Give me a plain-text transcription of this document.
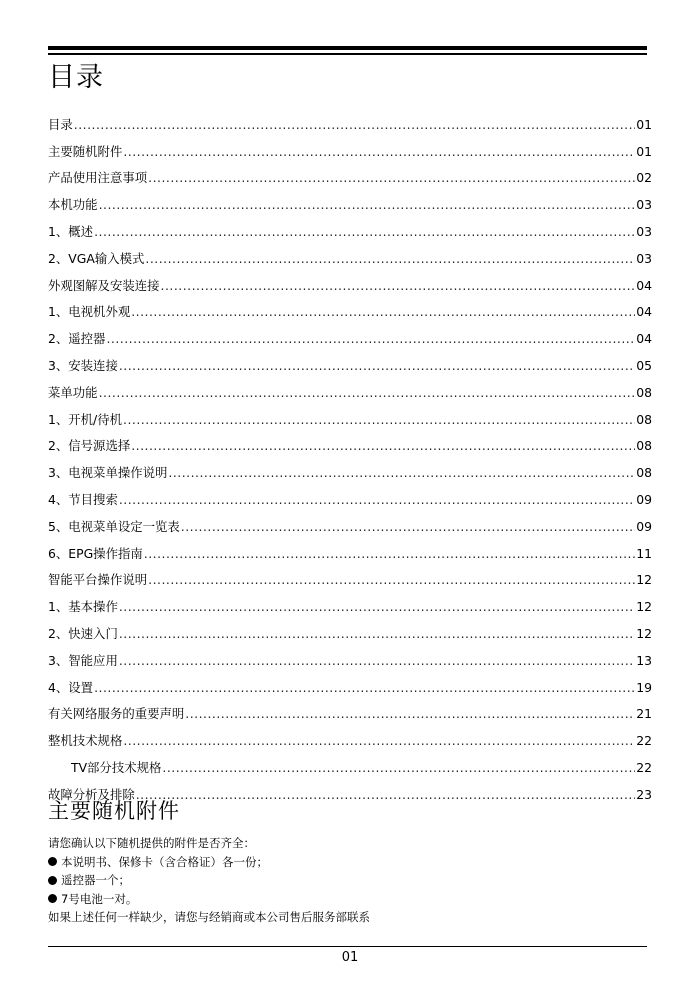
目录
目录 .....	01
主要随机附件 .....	01
产品使用注意事项 .....	02
本机功能 .....	03
1、概述 .....	03
2、VGA输入模式 .....	03
外观图解及安装连接 .....	04
1、电视机外观 .....	04
2、遥控器 .....	04
3、安装连接 .....	05
菜单功能 .....	08
1、开机/待机 .....	08
2、信号源选择 .....	08
3、电视菜单操作说明 .....	08
4、节目搜索 .....	09
5、电视菜单设定一览表 .....	09
6、EPG操作指南 .....	11
智能平台操作说明 .....	12
1、基本操作 .....	12
2、快速入门 .....	12
3、智能应用 .....	13
4、设置 .....	19
有关网络服务的重要声明 .....	21
整机技术规格 .....	22
TV部分技术规格 .....	22
故障分析及排除 .....	23
主要随机附件
请您确认以下随机提供的附件是否齐全：
本说明书、保修卡（含合格证）各一份；
遥控器一个；
7号电池一对。
如果上述任何一样缺少，请您与经销商或本公司售后服务部联系
01
